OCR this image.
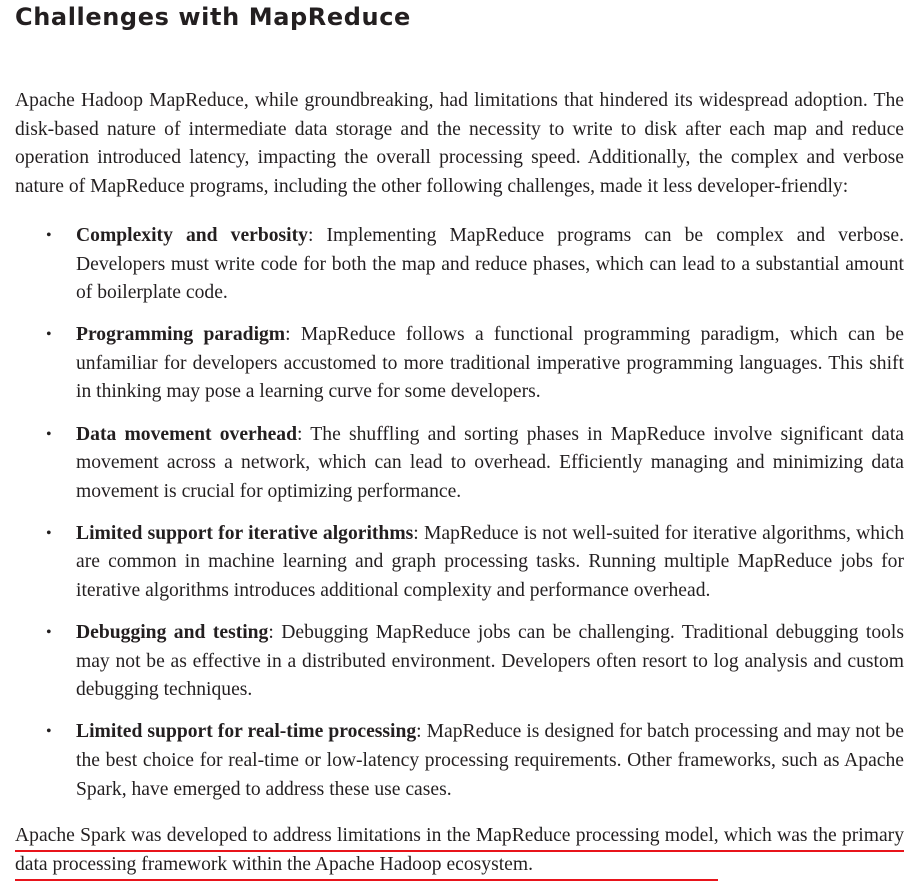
Challenges with MapReduce

Apache Hadoop MapReduce, while groundbreaking, had limitations that hindered its widespread adoption. The disk-based nature of intermediate data storage and the necessity to write to disk after each map and reduce operation introduced latency, impacting the overall processing speed. Additionally, the complex and verbose nature of MapReduce programs, including the other following challenges, made it less developer-friendly:

• Complexity and verbosity: Implementing MapReduce programs can be complex and verbose. Developers must write code for both the map and reduce phases, which can lead to a substantial amount of boilerplate code.
• Programming paradigm: MapReduce follows a functional programming paradigm, which can be unfamiliar for developers accustomed to more traditional imperative programming languages. This shift in thinking may pose a learning curve for some developers.
• Data movement overhead: The shuffling and sorting phases in MapReduce involve significant data movement across a network, which can lead to overhead. Efficiently managing and minimizing data movement is crucial for optimizing performance.
• Limited support for iterative algorithms: MapReduce is not well-suited for iterative algorithms, which are common in machine learning and graph processing tasks. Running multiple MapReduce jobs for iterative algorithms introduces additional complexity and performance overhead.
• Debugging and testing: Debugging MapReduce jobs can be challenging. Traditional debugging tools may not be as effective in a distributed environment. Developers often resort to log analysis and custom debugging techniques.
• Limited support for real-time processing: MapReduce is designed for batch processing and may not be the best choice for real-time or low-latency processing requirements. Other frameworks, such as Apache Spark, have emerged to address these use cases.

Apache Spark was developed to address limitations in the MapReduce processing model, which was the primary data processing framework within the Apache Hadoop ecosystem.
